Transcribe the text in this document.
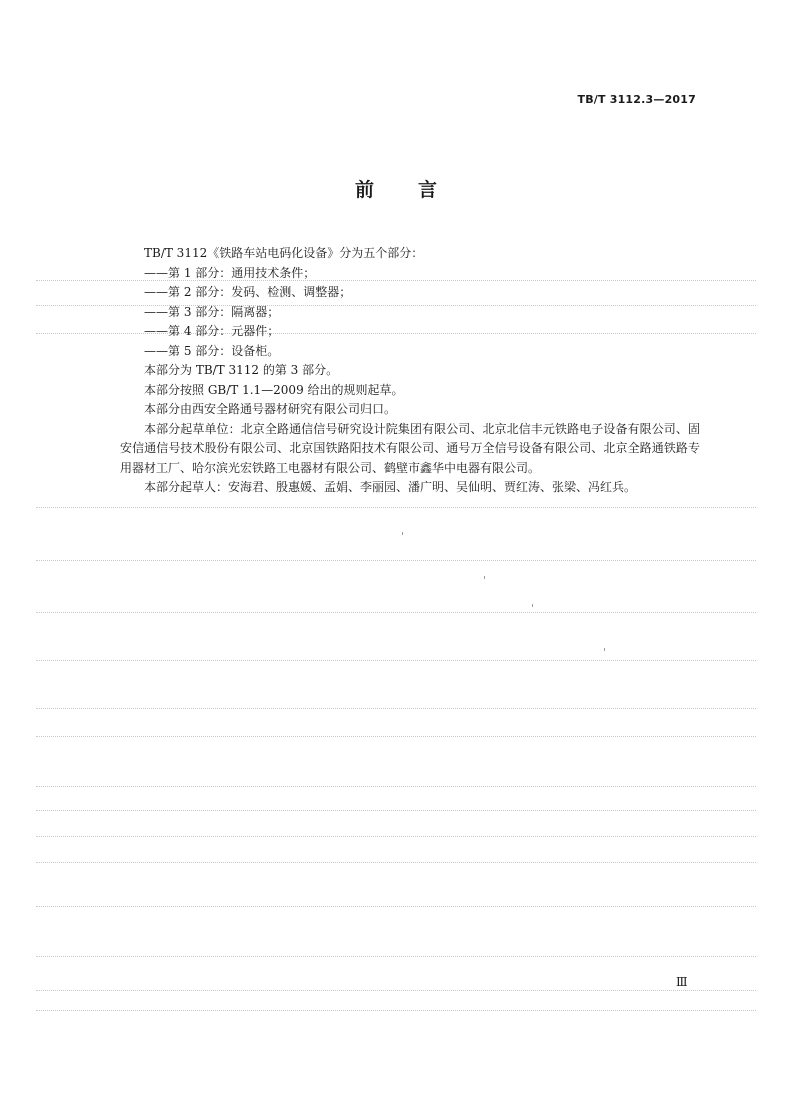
TB/T 3112.3—2017
前言
TB/T 3112《铁路车站电码化设备》分为五个部分：
——第 1 部分：通用技术条件；
——第 2 部分：发码、检测、调整器；
——第 3 部分：隔离器；
——第 4 部分：元器件；
——第 5 部分：设备柜。
本部分为 TB/T 3112 的第 3 部分。
本部分按照 GB/T 1.1—2009 给出的规则起草。
本部分由西安全路通号器材研究有限公司归口。
本部分起草单位：北京全路通信信号研究设计院集团有限公司、北京北信丰元铁路电子设备有限公司、固安信通信号技术股份有限公司、北京国铁路阳技术有限公司、通号万全信号设备有限公司、北京全路通铁路专用器材工厂、哈尔滨光宏铁路工电器材有限公司、鹤壁市鑫华中电器有限公司。
本部分起草人：安海君、殷惠媛、孟娟、李丽园、潘广明、吴仙明、贾红涛、张梁、冯红兵。
Ⅲ
